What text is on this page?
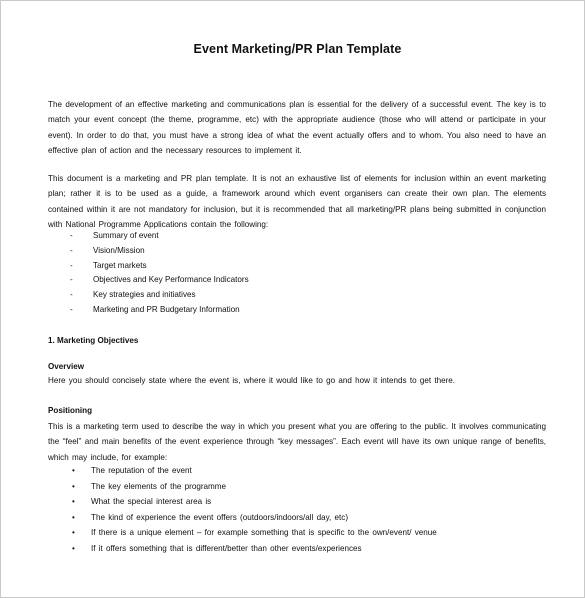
Event Marketing/PR Plan Template
The development of an effective marketing and communications plan is essential for the delivery of a successful event. The key is to match your event concept (the theme, programme, etc) with the appropriate audience (those who will attend or participate in your event). In order to do that, you must have a strong idea of what the event actually offers and to whom. You also need to have an effective plan of action and the necessary resources to implement it.
This document is a marketing and PR plan template. It is not an exhaustive list of elements for inclusion within an event marketing plan; rather it is to be used as a guide, a framework around which event organisers can create their own plan. The elements contained within it are not mandatory for inclusion, but it is recommended that all marketing/PR plans being submitted in conjunction with National Programme Applications contain the following:
-	Summary of event
-	Vision/Mission
-	Target markets
-	Objectives and Key Performance Indicators
-	Key strategies and initiatives
-	Marketing and PR Budgetary Information
1. Marketing Objectives
Overview
Here you should concisely state where the event is, where it would like to go and how it intends to get there.
Positioning
This is a marketing term used to describe the way in which you present what you are offering to the public. It involves communicating the “feel” and main benefits of the event experience through “key messages”. Each event will have its own unique range of benefits, which may include, for example:
• The reputation of the event
• The key elements of the programme
• What the special interest area is
• The kind of experience the event offers (outdoors/indoors/all day, etc)
• If there is a unique element – for example something that is specific to the own/event/ venue
• If it offers something that is different/better than other events/experiences
